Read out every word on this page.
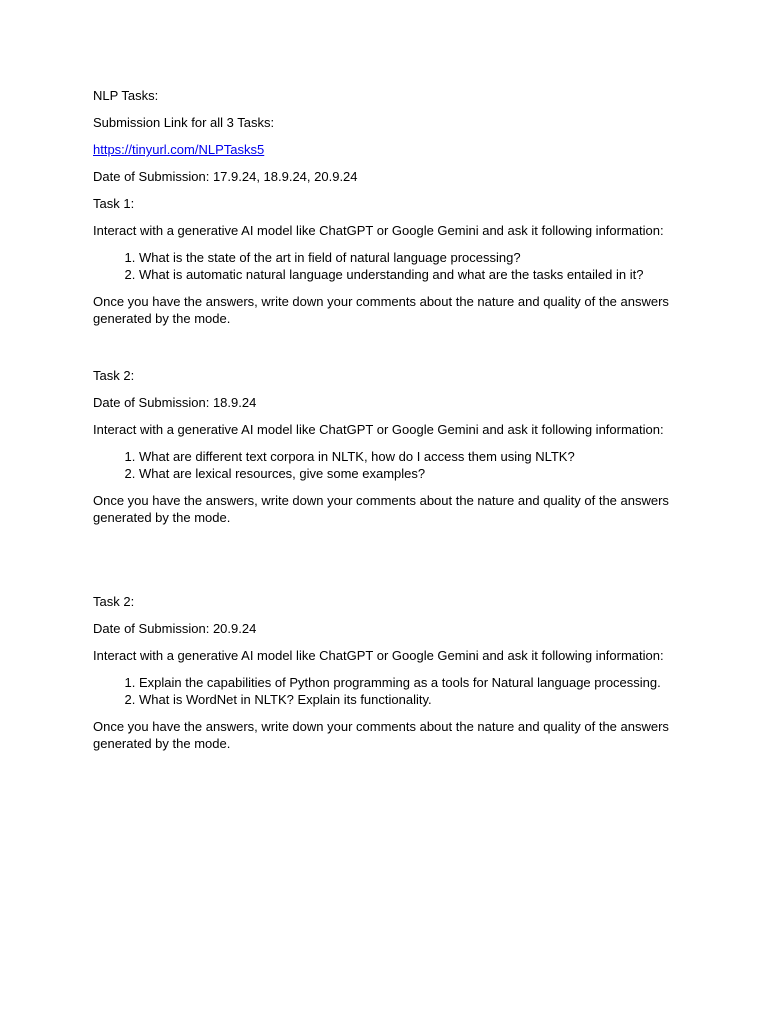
NLP Tasks:

Submission Link for all 3 Tasks:

https://tinyurl.com/NLPTasks5

Date of Submission: 17.9.24, 18.9.24, 20.9.24

Task 1:

Interact with a generative AI model like ChatGPT or Google Gemini and ask it following information:

1. What is the state of the art in field of natural language processing?
2. What is automatic natural language understanding and what are the tasks entailed in it?

Once you have the answers, write down your comments about the nature and quality of the answers generated by the mode.

Task 2:

Date of Submission: 18.9.24

Interact with a generative AI model like ChatGPT or Google Gemini and ask it following information:

1. What are different text corpora in NLTK, how do I access them using NLTK?
2. What are lexical resources, give some examples?

Once you have the answers, write down your comments about the nature and quality of the answers generated by the mode.

Task 2:

Date of Submission: 20.9.24

Interact with a generative AI model like ChatGPT or Google Gemini and ask it following information:

1. Explain the capabilities of Python programming as a tools for Natural language processing.
2. What is WordNet in NLTK? Explain its functionality.

Once you have the answers, write down your comments about the nature and quality of the answers generated by the mode.
